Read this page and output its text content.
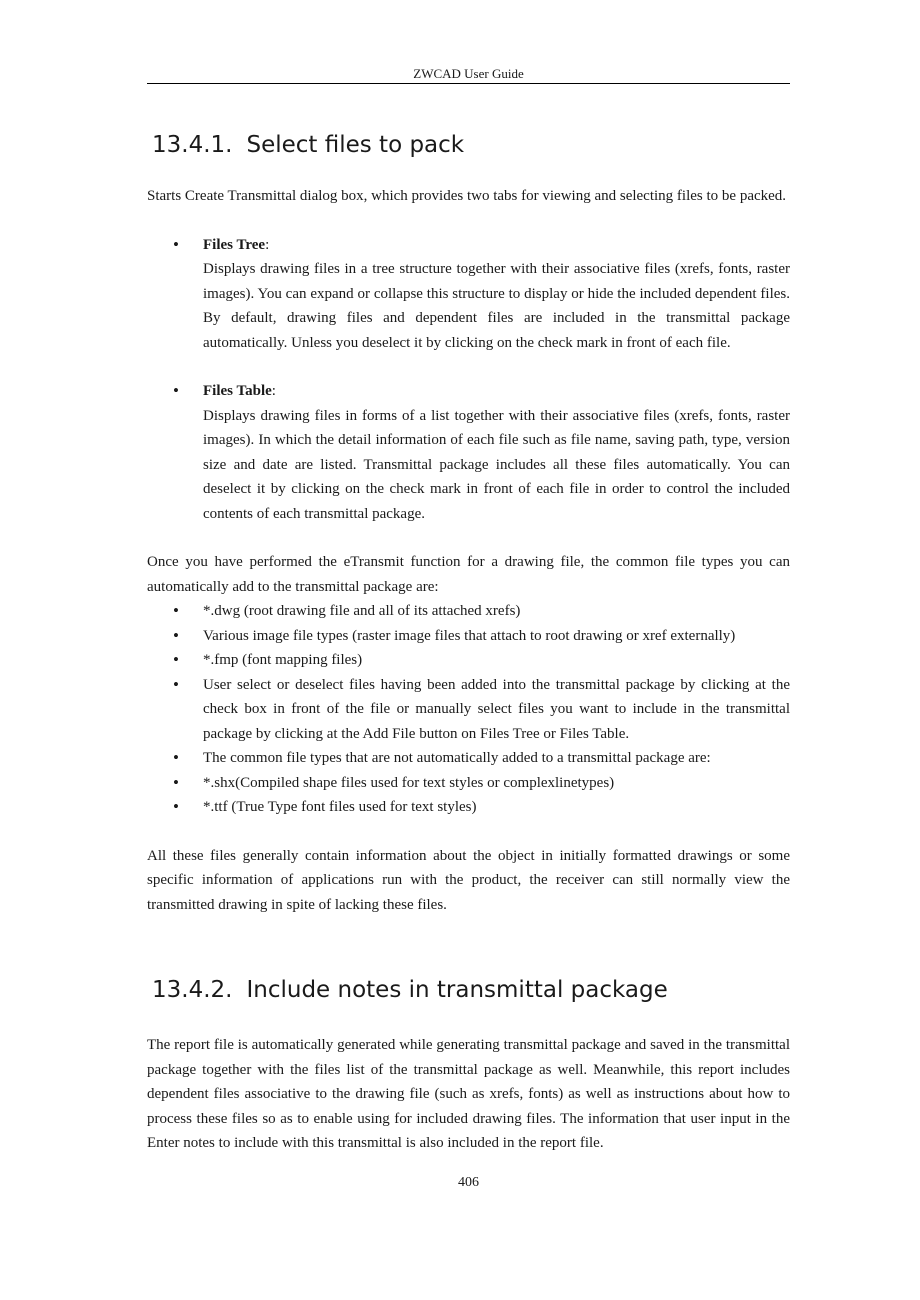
ZWCAD User Guide
13.4.1. Select files to pack

Starts Create Transmittal dialog box, which provides two tabs for viewing and selecting files to be packed.

• Files Tree:

Displays drawing files in a tree structure together with their associative files (xrefs, fonts, raster images). You can expand or collapse this structure to display or hide the included dependent files. By default, drawing files and dependent files are included in the transmittal package automatically. Unless you deselect it by clicking on the check mark in front of each file.

• Files Table:

Displays drawing files in forms of a list together with their associative files (xrefs, fonts, raster images). In which the detail information of each file such as file name, saving path, type, version size and date are listed. Transmittal package includes all these files automatically. You can deselect it by clicking on the check mark in front of each file in order to control the included contents of each transmittal package.

Once you have performed the eTransmit function for a drawing file, the common file types you can automatically add to the transmittal package are:

• *.dwg (root drawing file and all of its attached xrefs)
• Various image file types (raster image files that attach to root drawing or xref externally)
• *.fmp (font mapping files)
• User select or deselect files having been added into the transmittal package by clicking at the check box in front of the file or manually select files you want to include in the transmittal package by clicking at the Add File button on Files Tree or Files Table.
• The common file types that are not automatically added to a transmittal package are:
• *.shx(Compiled shape files used for text styles or complexlinetypes)
• *.ttf (True Type font files used for text styles)

All these files generally contain information about the object in initially formatted drawings or some specific information of applications run with the product, the receiver can still normally view the transmitted drawing in spite of lacking these files.

13.4.2. Include notes in transmittal package

The report file is automatically generated while generating transmittal package and saved in the transmittal package together with the files list of the transmittal package as well. Meanwhile, this report includes dependent files associative to the drawing file (such as xrefs, fonts) as well as instructions about how to process these files so as to enable using for included drawing files. The information that user input in the Enter notes to include with this transmittal is also included in the report file.

406
